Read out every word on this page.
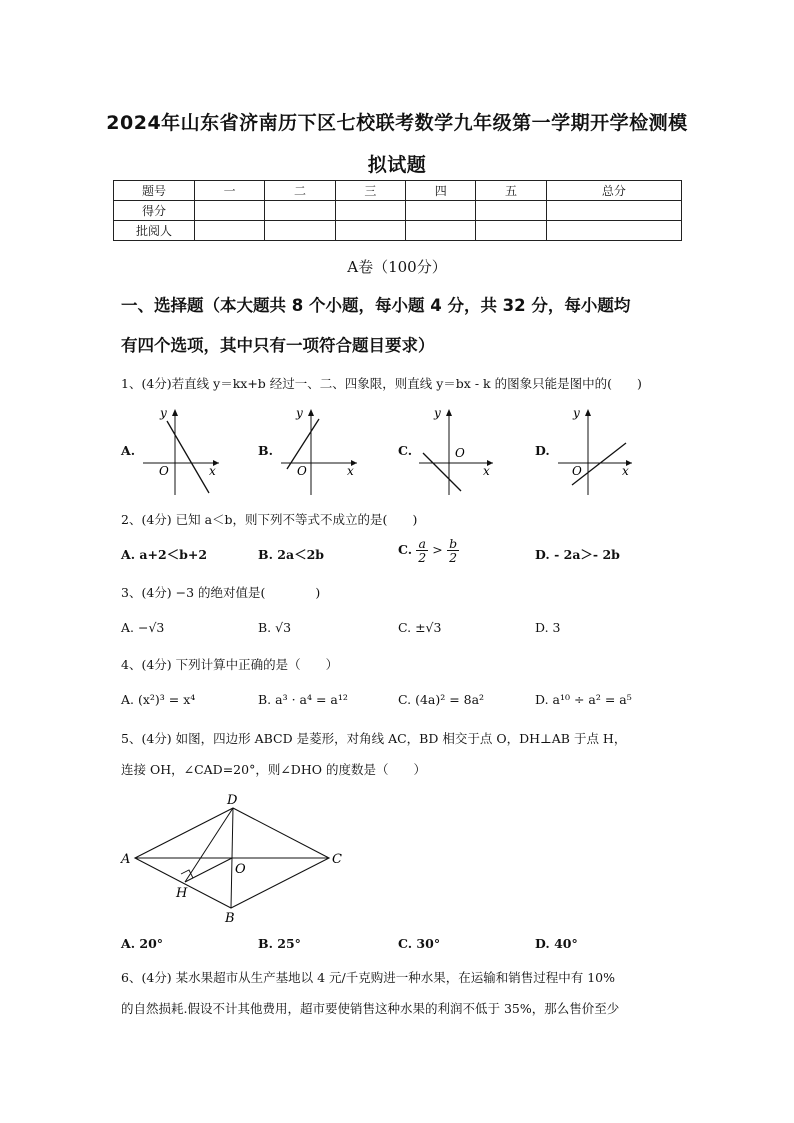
2024年山东省济南历下区七校联考数学九年级第一学期开学检测模
拟试题
题号	一	二	三	四	五	总分
得分						
批阅人						
A卷（100分）
一、选择题（本大题共 8 个小题，每小题 4 分，共 32 分，每小题均
有四个选项，其中只有一项符合题目要求）
1、(4分)若直线 y＝kx+b 经过一、二、四象限，则直线 y＝bx - k 的图象只能是图中的(　　)
A.
y
x
O
B.
y
x
O
C.
y
x
O	D.
y
x
O
2、(4分) 已知 a＜b，则下列不等式不成立的是(　　)
A. a+2＜b+2	B. 2a＜2b	C. $\frac{a}{2} > \frac{b}{2}$	D. - 2a＞- 2b
3、(4分) −3 的绝对值是(　　　　)
A. −√3	B. √3	C. ±√3	D. 3
4、(4分) 下列计算中正确的是（　　）
A. (x²)³ = x⁴	B. a³ · a⁴ = a¹²	C. (4a)² = 8a²	D. a¹⁰ ÷ a² = a⁵
5、(4分) 如图，四边形 ABCD 是菱形，对角线 AC，BD 相交于点 O，DH⊥AB 于点 H，
连接 OH，∠CAD=20°，则∠DHO 的度数是（　　）
A
D
C
B
O
H
A. 20°	B. 25°	C. 30°	D. 40°
6、(4分) 某水果超市从生产基地以 4 元/千克购进一种水果，在运输和销售过程中有 10%
的自然损耗.假设不计其他费用，超市要使销售这种水果的利润不低于 35%，那么售价至少
